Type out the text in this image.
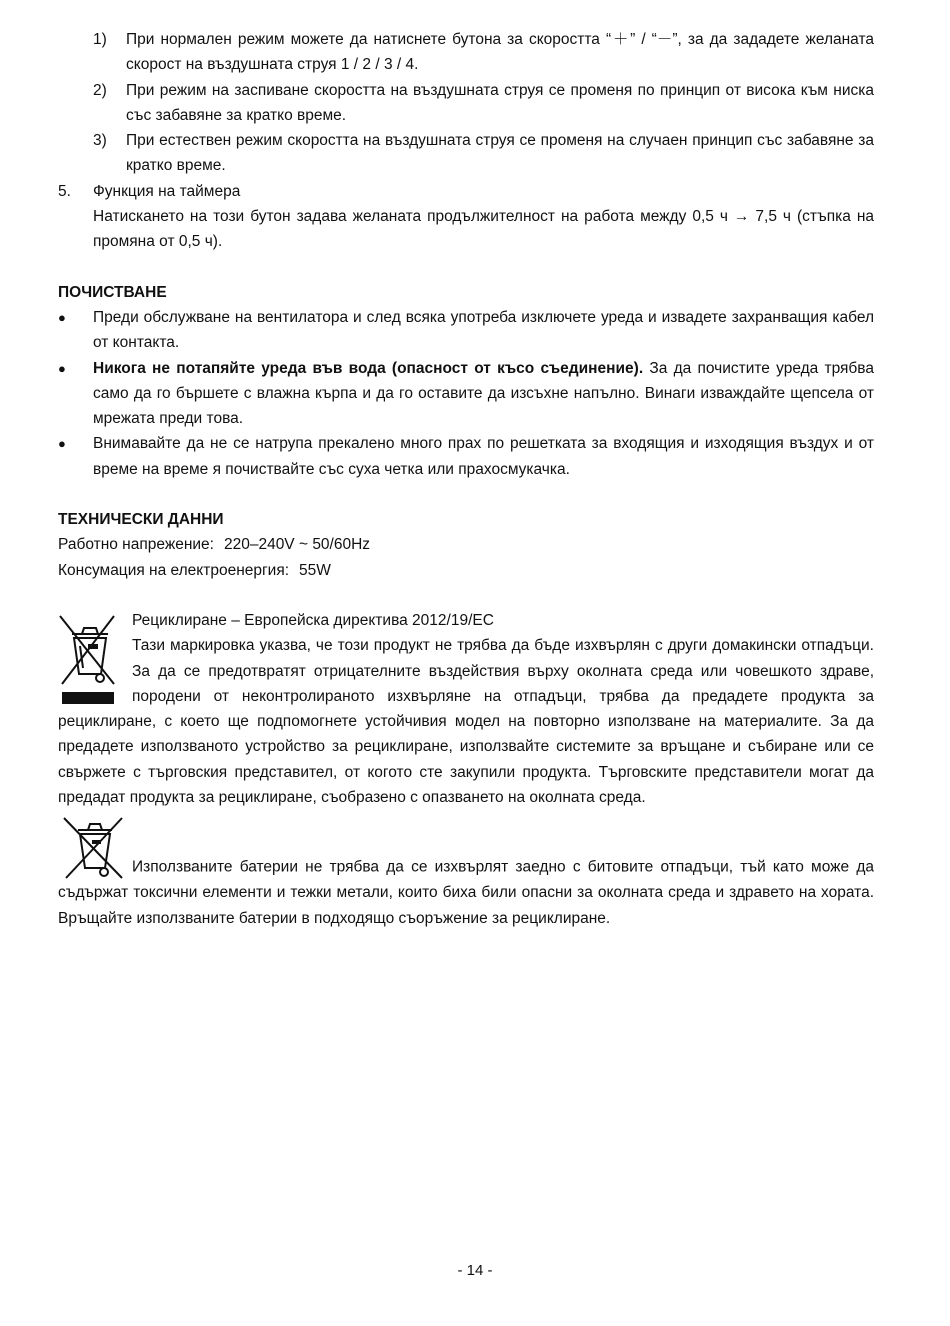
1) При нормален режим можете да натиснете бутона за скоростта “＋” / “－”, за да зададете желаната скорост на въздушната струя 1 / 2 / 3 / 4.
2) При режим на заспиване скоростта на въздушната струя се променя по принцип от висока към ниска със забавяне за кратко време.
3) При естествен режим скоростта на въздушната струя се променя на случаен принцип със забавяне за кратко време.
5. Функция на таймера
Натискането на този бутон задава желаната продължителност на работа между 0,5 ч → 7,5 ч (стъпка на промяна от 0,5 ч).
ПОЧИСТВАНЕ
● Преди обслужване на вентилатора и след всяка употреба изключете уреда и извадете захранващия кабел от контакта.
● Никога не потапяйте уреда във вода (опасност от късо съединение). За да почистите уреда трябва само да го бършете с влажна кърпа и да го оставите да изсъхне напълно. Винаги изваждайте щепсела от мрежата преди това.
● Внимавайте да не се натрупа прекалено много прах по решетката за входящия и изходящия въздух и от време на време я почиствайте със суха четка или прахосмукачка.
ТЕХНИЧЕСКИ ДАННИ
Работно напрежение: 220–240V ~ 50/60Hz
Консумация на електроенергия: 55W
Рециклиране – Европейска директива 2012/19/EC
Тази маркировка указва, че този продукт не трябва да бъде изхвърлян с други домакински отпадъци. За да се предотвратят отрицателните въздействия върху околната среда или човешкото здраве, породени от неконтролираното изхвърляне на отпадъци, трябва да предадете продукта за рециклиране, с което ще подпомогнете устойчивия модел на повторно използване на материалите. За да предадете използваното устройство за рециклиране, използвайте системите за връщане и събиране или се свържете с търговския представител, от когото сте закупили продукта. Търговските представители могат да предадат продукта за рециклиране, съобразено с опазването на околната среда.
Използваните батерии не трябва да се изхвърлят заедно с битовите отпадъци, тъй като може да съдържат токсични елементи и тежки метали, които биха били опасни за околната среда и здравето на хората. Връщайте използваните батерии в подходящо съоръжение за рециклиране.
- 14 -
